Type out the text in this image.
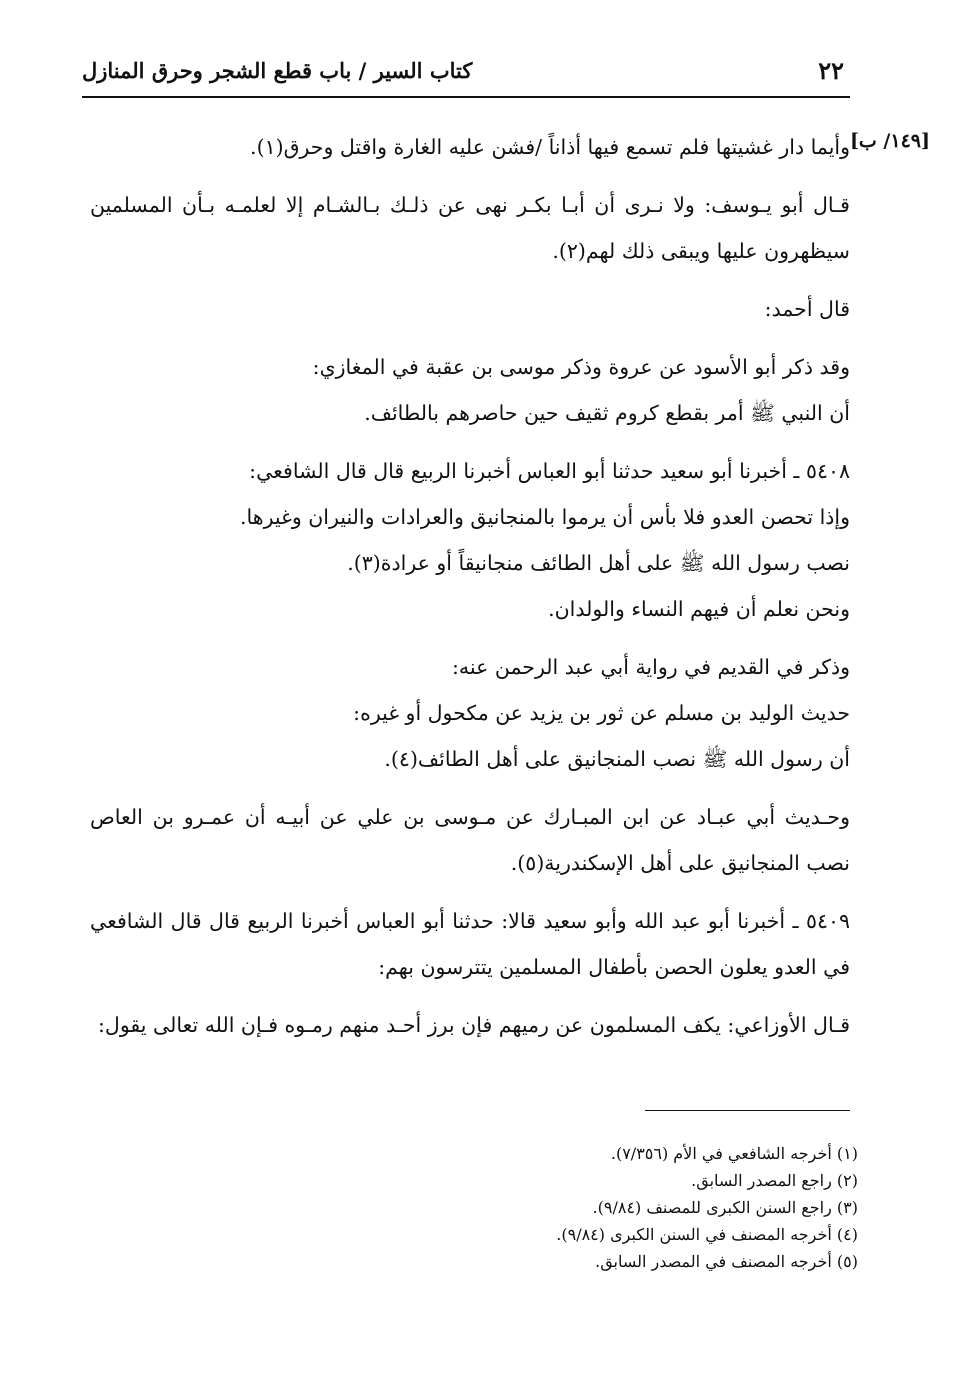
٢٢
كتاب السير / باب قطع الشجر وحرق المنازل
[١٤٩/ ب]

وأيما دار غشيتها فلم تسمع فيها أذاناً /فشن عليه الغارة واقتل وحرق(١).

قـال أبو يـوسف: ولا نـرى أن أبـا بكـر نهى عن ذلـك بـالشـام إلا لعلمـه بـأن المسلمين سيظهرون عليها ويبقى ذلك لهم(٢).

قال أحمد:

وقد ذكر أبو الأسود عن عروة وذكر موسى بن عقبة في المغازي:

أن النبي ﷺ أمر بقطع كروم ثقيف حين حاصرهم بالطائف.

٥٤٠٨ ـ أخبرنا أبو سعيد حدثنا أبو العباس أخبرنا الربيع قال قال الشافعي:

وإذا تحصن العدو فلا بأس أن يرموا بالمنجانيق والعرادات والنيران وغيرها.

نصب رسول الله ﷺ على أهل الطائف منجانيقاً أو عرادة(٣).

ونحن نعلم أن فيهم النساء والولدان.

وذكر في القديم في رواية أبي عبد الرحمن عنه:

حديث الوليد بن مسلم عن ثور بن يزيد عن مكحول أو غيره:

أن رسول الله ﷺ نصب المنجانيق على أهل الطائف(٤).

وحـديث أبي عبـاد عن ابن المبـارك عن مـوسى بن علي عن أبيـه أن عمـرو بن العاص نصب المنجانيق على أهل الإسكندرية(٥).

٥٤٠٩ ـ أخبرنا أبو عبد الله وأبو سعيد قالا: حدثنا أبو العباس أخبرنا الربيع قال قال الشافعي في العدو يعلون الحصن بأطفال المسلمين يتترسون بهم:

قـال الأوزاعي: يكف المسلمون عن رميهم فإن برز أحـد منهم رمـوه فـإن الله تعالى يقول:

(١) أخرجه الشافعي في الأم (٧/٣٥٦).

(٢) راجع المصدر السابق.

(٣) راجع السنن الكبرى للمصنف (٩/٨٤).

(٤) أخرجه المصنف في السنن الكبرى (٩/٨٤).

(٥) أخرجه المصنف في المصدر السابق.
